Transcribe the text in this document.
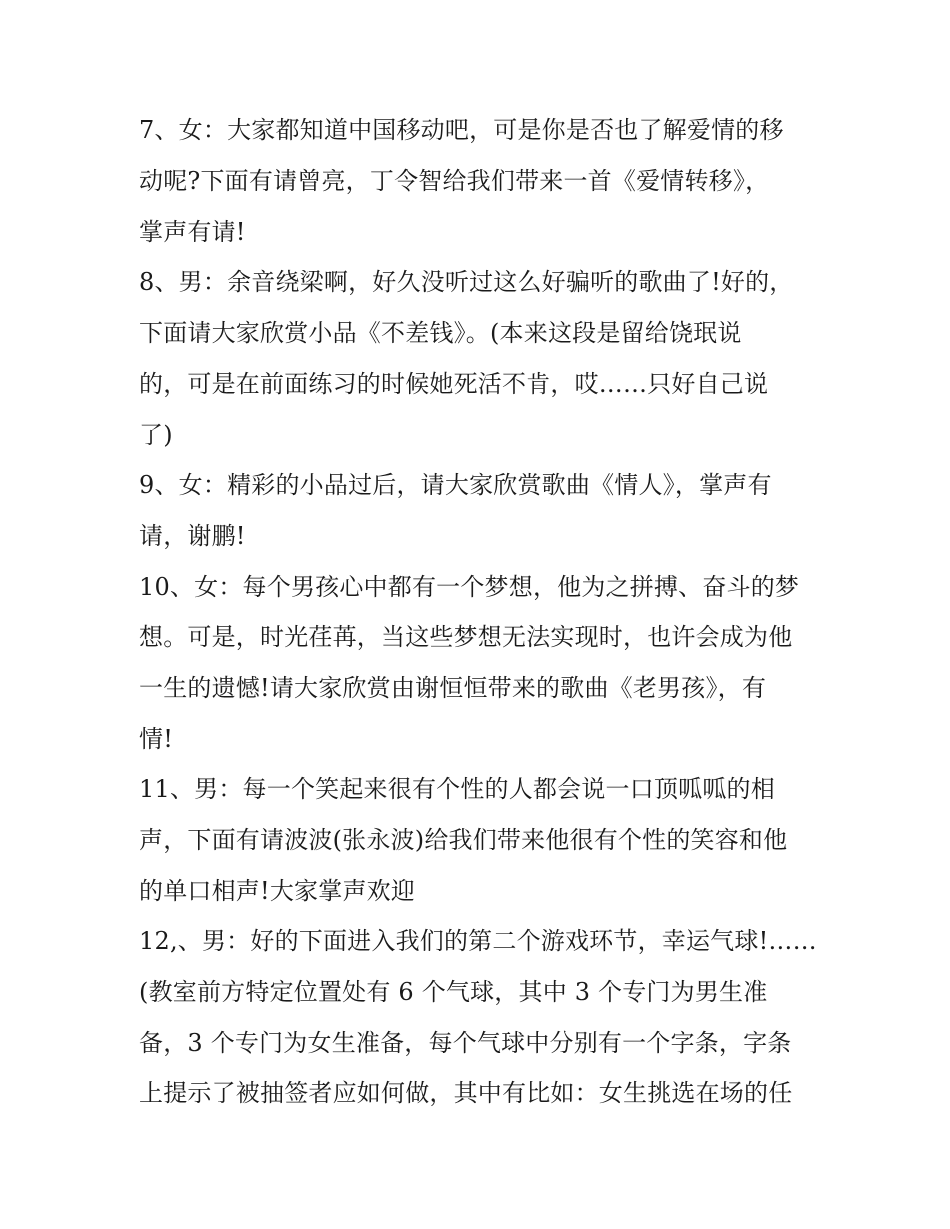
7、女：大家都知道中国移动吧，可是你是否也了解爱情的移
动呢?下面有请曾亮，丁令智给我们带来一首《爱情转移》，
掌声有请!
8、男：余音绕梁啊，好久没听过这么好骗听的歌曲了!好的，
下面请大家欣赏小品《不差钱》。(本来这段是留给饶珉说
的，可是在前面练习的时候她死活不肯，哎……只好自己说
了)
9、女：精彩的小品过后，请大家欣赏歌曲《情人》，掌声有
请，谢鹏!
10、女：每个男孩心中都有一个梦想，他为之拼搏、奋斗的梦
想。可是，时光荏苒，当这些梦想无法实现时，也许会成为他
一生的遗憾!请大家欣赏由谢恒恒带来的歌曲《老男孩》，有
情!
11、男：每一个笑起来很有个性的人都会说一口顶呱呱的相
声，下面有请波波(张永波)给我们带来他很有个性的笑容和他
的单口相声!大家掌声欢迎
12,、男：好的下面进入我们的第二个游戏环节，幸运气球!……
(教室前方特定位置处有 6 个气球，其中 3 个专门为男生准
备，3 个专门为女生准备，每个气球中分别有一个字条，字条
上提示了被抽签者应如何做，其中有比如：女生挑选在场的任
